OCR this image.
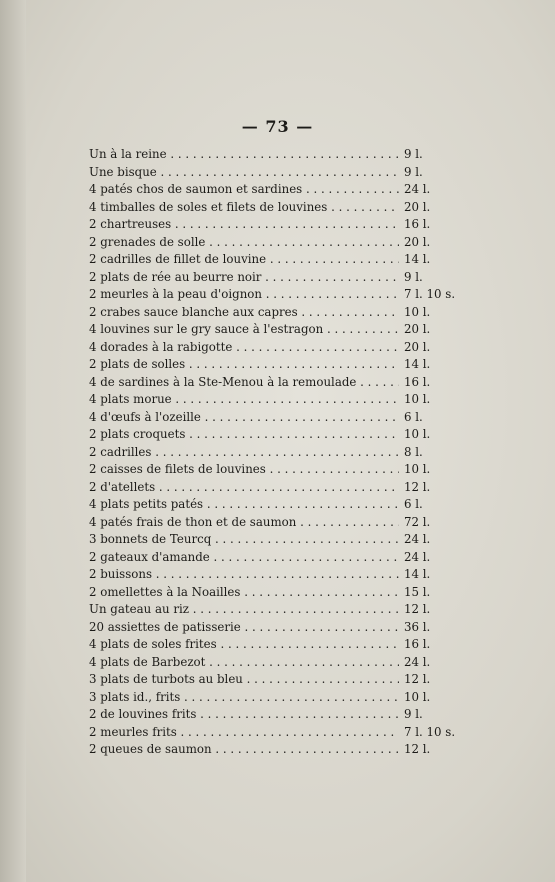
— 73 —
Un à la reine . . .	9 l.
Une bisque . . .	9 l.
4 patés chos de saumon et sardines . . .	24 l.
4 timballes de soles et filets de louvines . . .	20 l.
2 chartreuses . . .	16 l.
2 grenades de solle . . .	20 l.
2 cadrilles de fillet de louvine . . .	14 l.
2 plats de rée au beurre noir . . .	9 l.
2 meurles à la peau d'oignon . . .	7 l. 10 s.
2 crabes sauce blanche aux capres . . .	10 l.
4 louvines sur le gry sauce à l'estragon . . .	20 l.
4 dorades à la rabigotte . . .	20 l.
2 plats de solles . . .	14 l.
4 de sardines à la Ste-Menou à la remoulade . . .	16 l.
4 plats morue . . .	10 l.
4 d'œufs à l'ozeille . . .	6 l.
2 plats croquets . . .	10 l.
2 cadrilles . . .	8 l.
2 caisses de filets de louvines . . .	10 l.
2 d'atellets . . .	12 l.
4 plats petits patés . . .	6 l.
4 patés frais de thon et de saumon . . .	72 l.
3 bonnets de Teurcq . . .	24 l.
2 gateaux d'amande . . .	24 l.
2 buissons . . .	14 l.
2 omellettes à la Noailles . . .	15 l.
Un gateau au riz . . .	12 l.
20 assiettes de patisserie . . .	36 l.
4 plats de soles frites . . .	16 l.
4 plats de Barbezot . . .	24 l.
3 plats de turbots au bleu . . .	12 l.
3 plats id., frits . . .	10 l.
2 de louvines frits . . .	9 l.
2 meurles frits . . .	7 l. 10 s.
2 queues de saumon . . .	12 l.
